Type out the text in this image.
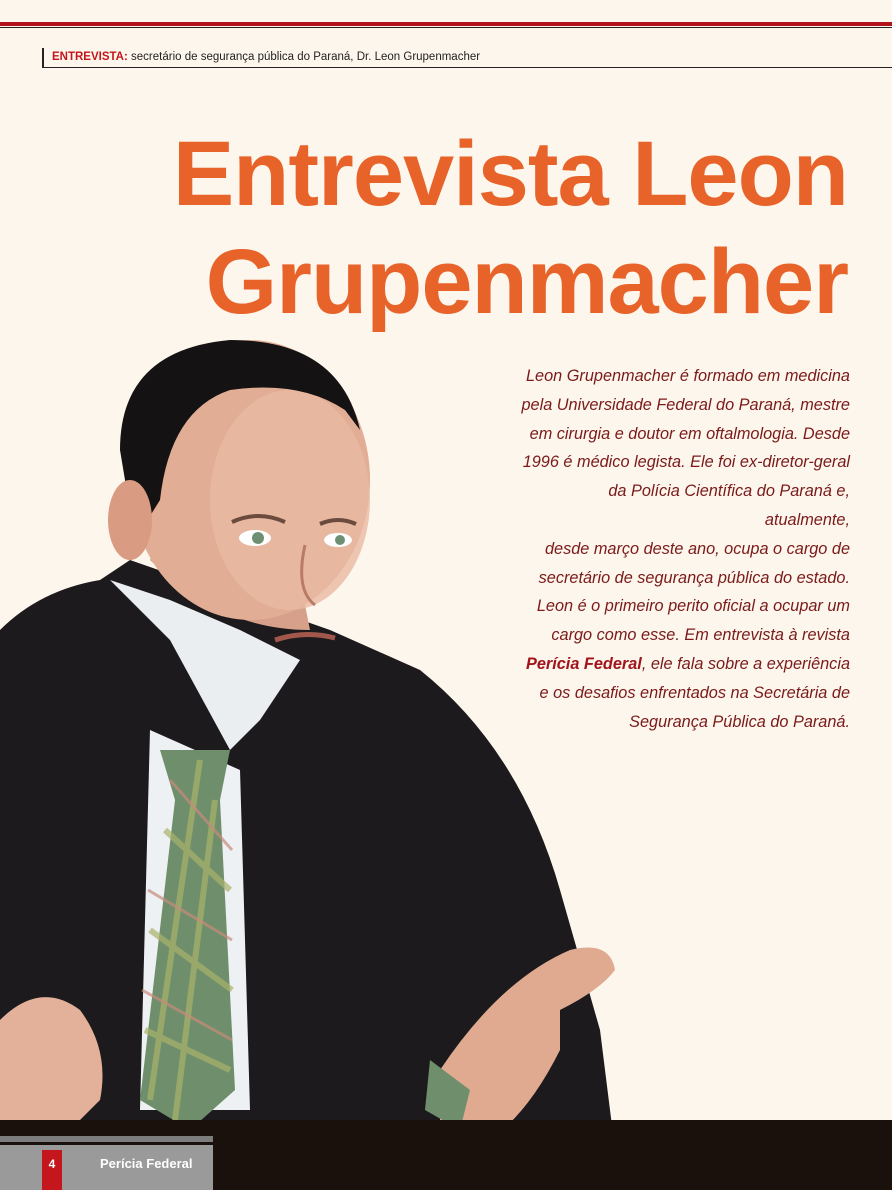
ENTREVISTA: secretário de segurança pública do Paraná, Dr. Leon Grupenmacher
Entrevista Leon
Grupenmacher

Leon Grupenmacher é formado em medicina
pela Universidade Federal do Paraná, mestre
em cirurgia e doutor em oftalmologia. Desde
1996 é médico legista. Ele foi ex-diretor-geral
da Polícia Científica do Paraná e, atualmente,
desde março deste ano, ocupa o cargo de
secretário de segurança pública do estado.
Leon é o primeiro perito oficial a ocupar um
cargo como esse. Em entrevista à revista
Perícia Federal, ele fala sobre a experiência
e os desafios enfrentados na Secretária de
Segurança Pública do Paraná.

4	Perícia Federal
